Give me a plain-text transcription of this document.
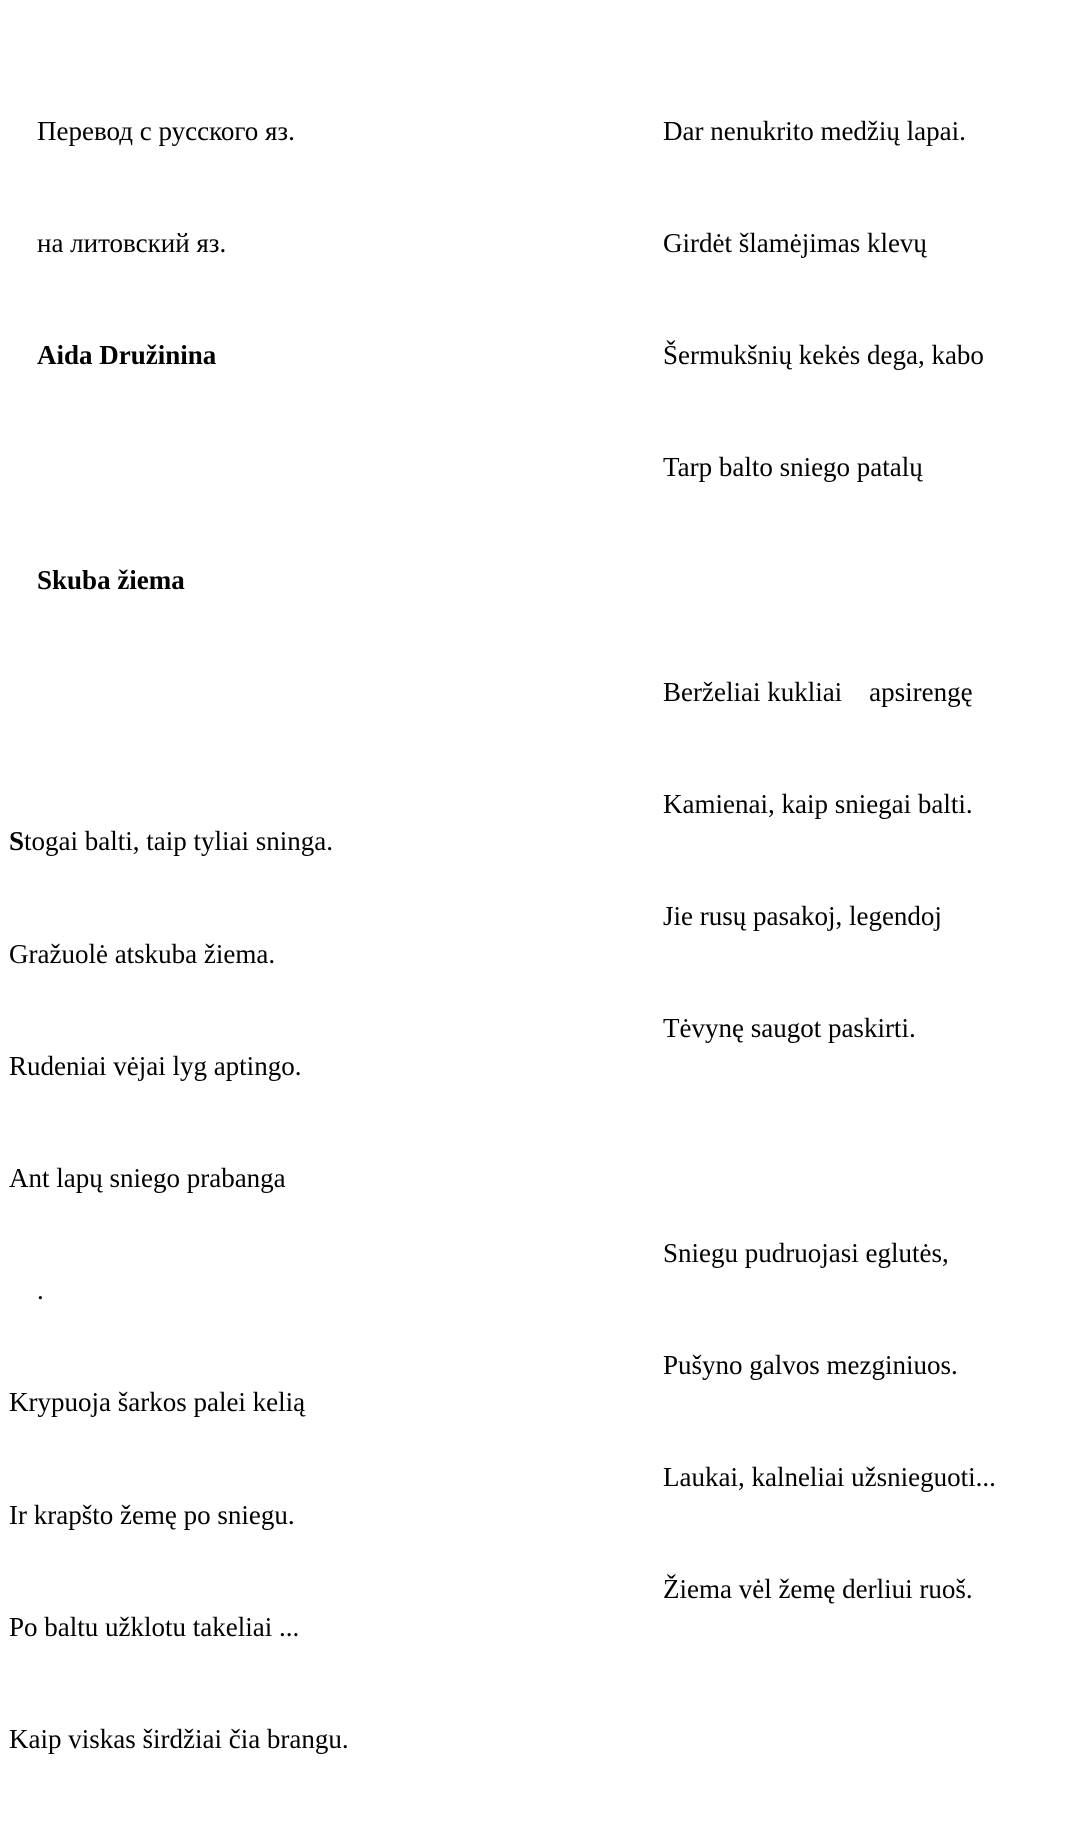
Перевод с русского яз.

на литовский яз.

Aida Družinina

Skuba žiema

Stogai balti, taip tyliai sninga.

Gražuolė atskuba žiema.

Rudeniai vėjai lyg aptingo.

Ant lapų sniego prabanga

.

Krypuoja šarkos palei kelią

Ir krapšto žemę po sniegu.

Po baltu užklotu takeliai ...

Kaip viskas širdžiai čia brangu.

Dar nenukrito medžių lapai.

Girdėt šlamėjimas klevų

Šermukšnių kekės dega, kabo

Tarp balto sniego patalų

Berželiai kukliai    apsirengę

Kamienai, kaip sniegai balti.

Jie rusų pasakoj, legendoj

Tėvynę saugot paskirti.

Sniegu pudruojasi eglutės,

Pušyno galvos mezginiuos.

Laukai, kalneliai užsnieguoti...

Žiema vėl žemę derliui ruoš.
